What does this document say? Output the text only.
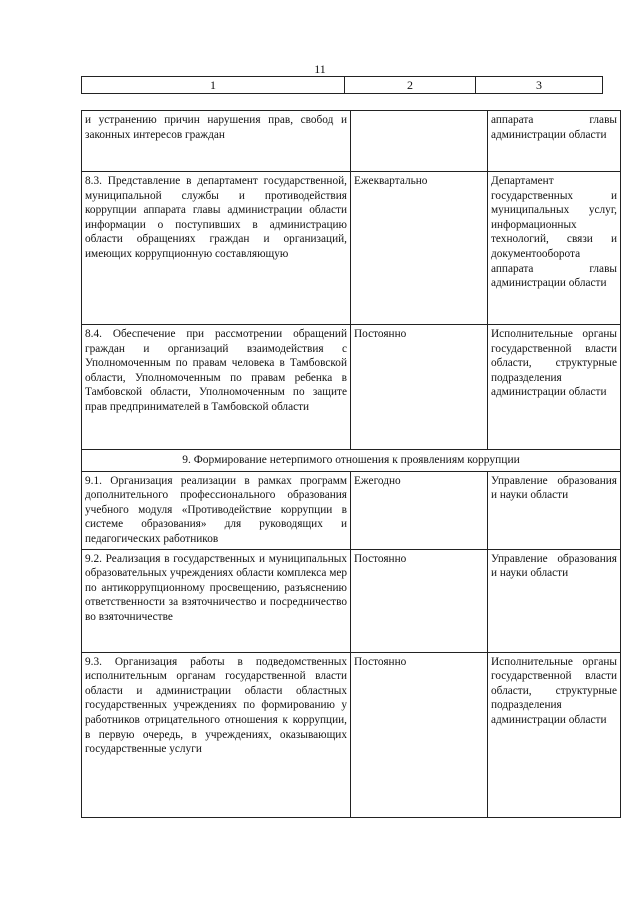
11
1	2	3
и устранению причин нарушения прав, свобод и законных интересов граждан		аппарата главы администрации области
8.3. Представление в департамент государственной, муниципальной службы и противодействия коррупции аппарата главы администрации области информации о поступивших в администрацию области обращениях граждан и организаций, имеющих коррупционную составляющую	Ежеквартально	Департамент государственных и муниципальных услуг, информационных технологий, связи и документооборота аппарата главы администрации области
8.4. Обеспечение при рассмотрении обращений граждан и организаций взаимодействия с Уполномоченным по правам человека в Тамбовской области, Уполномоченным по правам ребенка в Тамбовской области, Уполномоченным по защите прав предпринимателей в Тамбовской области	Постоянно	Исполнительные органы государственной власти области, структурные подразделения администрации области
9. Формирование нетерпимого отношения к проявлениям коррупции		
9.1. Организация реализации в рамках программ дополнительного профессионального образования учебного модуля «Противодействие коррупции в системе образования» для руководящих и педагогических работников	Ежегодно	Управление образования и науки области
9.2. Реализация в государственных и муниципальных образовательных учреждениях области комплекса мер по антикоррупционному просвещению, разъяснению ответственности за взяточничество и посредничество во взяточничестве	Постоянно	Управление образования и науки области
9.3. Организация работы в подведомственных исполнительным органам государственной власти области и администрации области областных государственных учреждениях по формированию у работников отрицательного отношения к коррупции, в первую очередь, в учреждениях, оказывающих государственные услуги	Постоянно	Исполнительные органы государственной власти области, структурные подразделения администрации области
